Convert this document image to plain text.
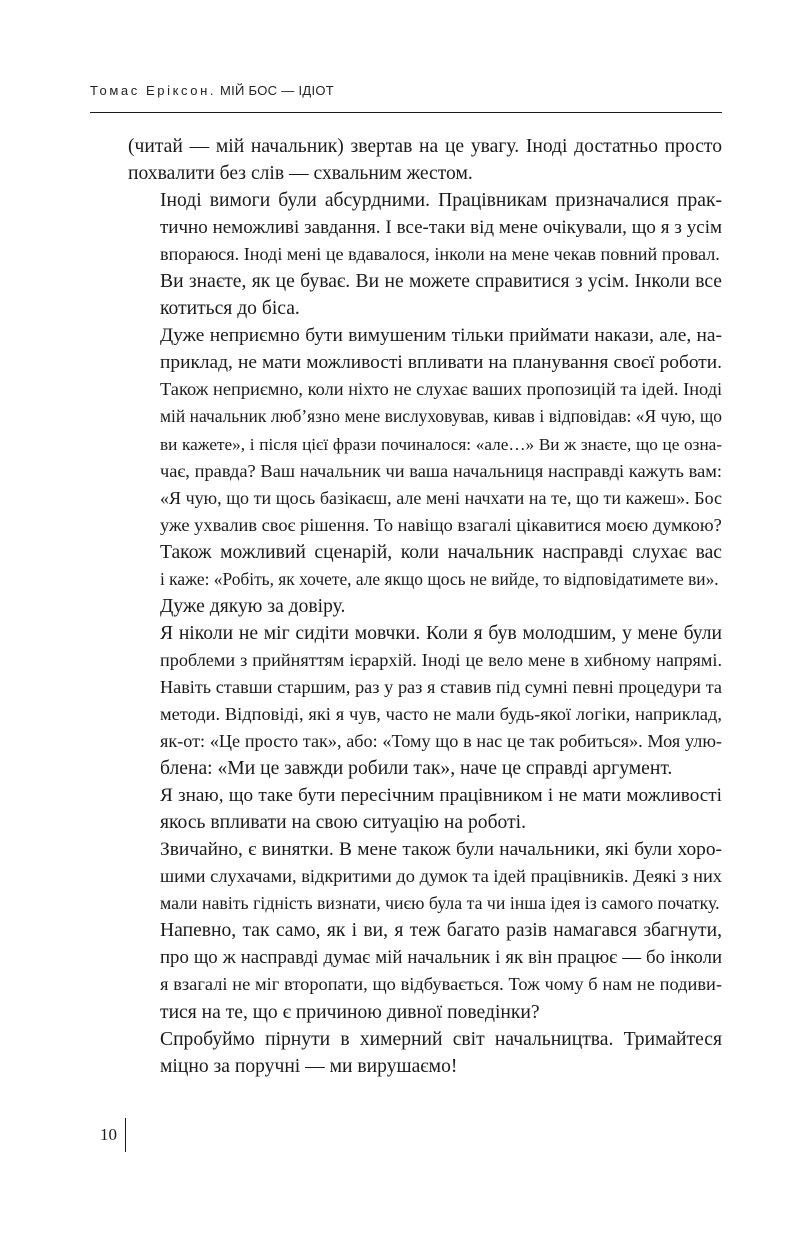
Томас Еріксон. МІЙ БОС — ІДІОТ

(читай — мій начальник) звертав на це увагу. Іноді достатньо просто
похвалити без слів — схвальним жестом.

Іноді вимоги були абсурдними. Працівникам призначалися прак-
тично неможливі завдання. І все-таки від мене очікували, що я з усім
впораюся. Іноді мені це вдавалося, інколи на мене чекав повний провал.

Ви знаєте, як це буває. Ви не можете справитися з усім. Інколи все
котиться до біса.

Дуже неприємно бути вимушеним тільки приймати накази, але, на-
приклад, не мати можливості впливати на планування своєї роботи.
Також неприємно, коли ніхто не слухає ваших пропозицій та ідей. Іноді
мій начальник люб’язно мене вислуховував, кивав і відповідав: «Я чую, що
ви кажете», і після цієї фрази починалося: «але…» Ви ж знаєте, що це озна-
чає, правда? Ваш начальник чи ваша начальниця насправді кажуть вам:
«Я чую, що ти щось базікаєш, але мені начхати на те, що ти кажеш». Бос
уже ухвалив своє рішення. То навіщо взагалі цікавитися моєю думкою?

Також можливий сценарій, коли начальник насправді слухає вас
і каже: «Робіть, як хочете, але якщо щось не вийде, то відповідатимете ви».

Дуже дякую за довіру.

Я ніколи не міг сидіти мовчки. Коли я був молодшим, у мене були
проблеми з прийняттям ієрархій. Іноді це вело мене в хибному напрямі.
Навіть ставши старшим, раз у раз я ставив під сумні певні процедури та
методи. Відповіді, які я чув, часто не мали будь-якої логіки, наприклад,
як-от: «Це просто так», або: «Тому що в нас це так робиться». Моя улю-
блена: «Ми це завжди робили так», наче це справді аргумент.

Я знаю, що таке бути пересічним працівником і не мати можливості
якось впливати на свою ситуацію на роботі.

Звичайно, є винятки. В мене також були начальники, які були хоро-
шими слухачами, відкритими до думок та ідей працівників. Деякі з них
мали навіть гідність визнати, чиєю була та чи інша ідея із самого початку.

Напевно, так само, як і ви, я теж багато разів намагався збагнути,
про що ж насправді думає мій начальник і як він працює — бо інколи
я взагалі не міг второпати, що відбувається. Тож чому б нам не подиви-
тися на те, що є причиною дивної поведінки?

Спробуймо пірнути в химерний світ начальництва. Тримайтеся
міцно за поручні — ми вирушаємо!

10
